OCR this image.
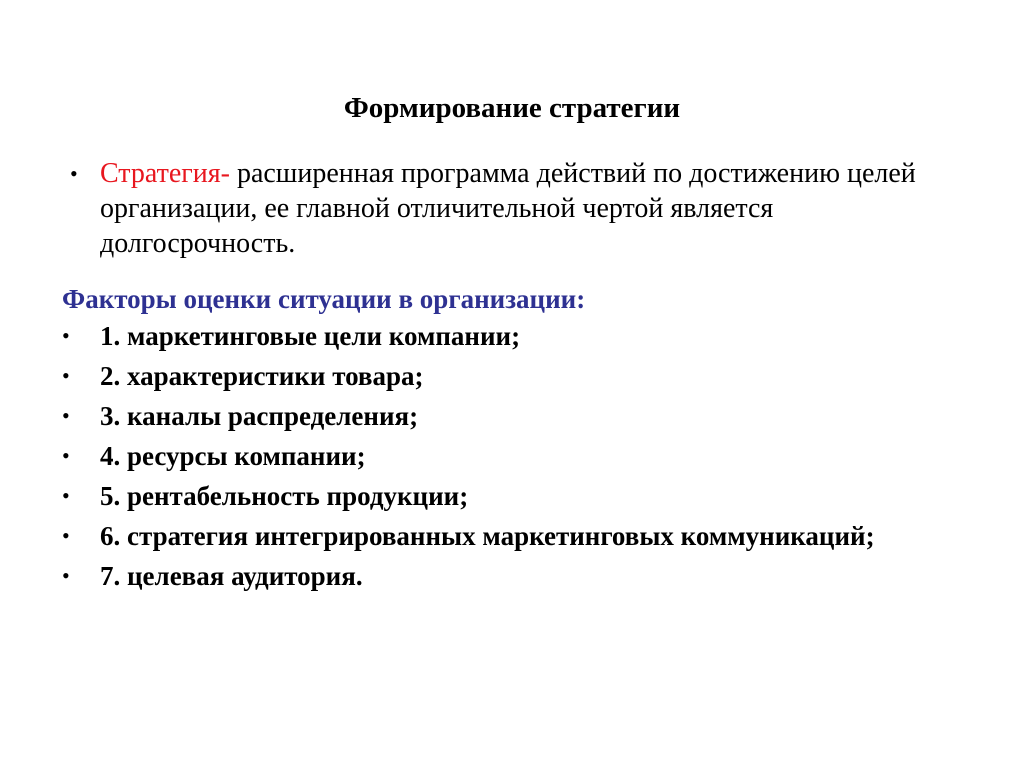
Формирование стратегии
• Стратегия- расширенная программа действий по достижению целей организации, ее главной отличительной чертой является долгосрочность.
Факторы оценки ситуации в организации:
• 1. маркетинговые цели компании;
• 2. характеристики товара;
• 3. каналы распределения;
• 4. ресурсы компании;
• 5. рентабельность продукции;
• 6. стратегия интегрированных маркетинговых коммуникаций;
• 7. целевая аудитория.
